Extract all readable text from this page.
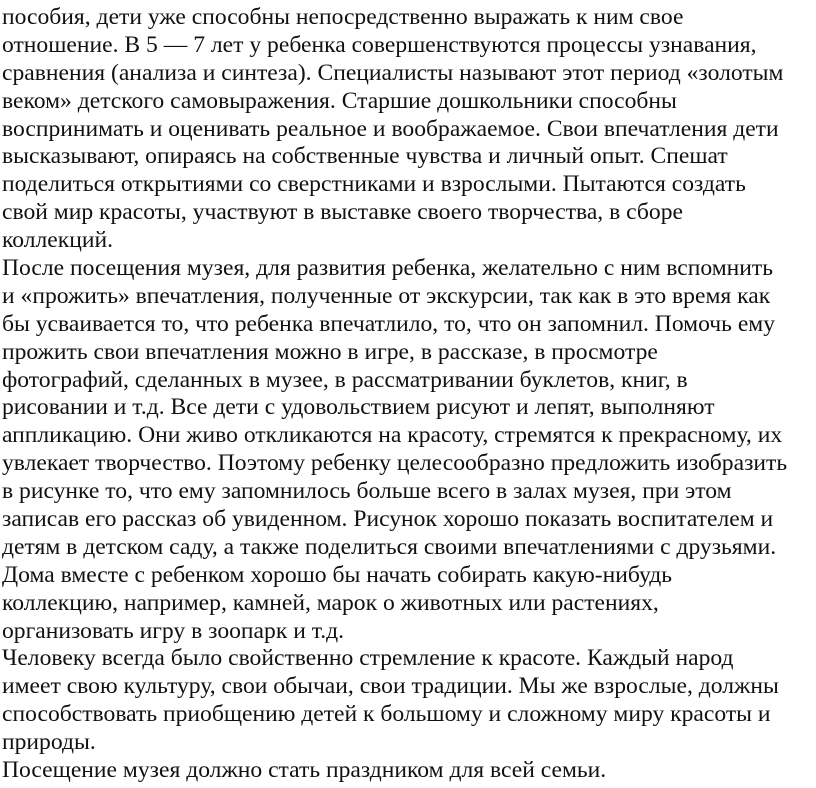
пособия, дети уже способны непосредственно выражать к ним свое
отношение. В 5 — 7 лет у ребенка совершенствуются процессы узнавания,
сравнения (анализа и синтеза). Специалисты называют этот период «золотым
веком» детского самовыражения. Старшие дошкольники способны
воспринимать и оценивать реальное и воображаемое. Свои впечатления дети
высказывают, опираясь на собственные чувства и личный опыт. Спешат
поделиться открытиями со сверстниками и взрослыми. Пытаются создать
свой мир красоты, участвуют в выставке своего творчества, в сборе
коллекций.
После посещения музея, для развития ребенка, желательно с ним вспомнить
и «прожить» впечатления, полученные от экскурсии, так как в это время как
бы усваивается то, что ребенка впечатлило, то, что он запомнил. Помочь ему
прожить свои впечатления можно в игре, в рассказе, в просмотре
фотографий, сделанных в музее, в рассматривании буклетов, книг, в
рисовании и т.д. Все дети с удовольствием рисуют и лепят, выполняют
аппликацию. Они живо откликаются на красоту, стремятся к прекрасному, их
увлекает творчество. Поэтому ребенку целесообразно предложить изобразить
в рисунке то, что ему запомнилось больше всего в залах музея, при этом
записав его рассказ об увиденном. Рисунок хорошо показать воспитателем и
детям в детском саду, а также поделиться своими впечатлениями с друзьями.
Дома вместе с ребенком хорошо бы начать собирать какую-нибудь
коллекцию, например, камней, марок о животных или растениях,
организовать игру в зоопарк и т.д.
Человеку всегда было свойственно стремление к красоте. Каждый народ
имеет свою культуру, свои обычаи, свои традиции. Мы же взрослые, должны
способствовать приобщению детей к большому и сложному миру красоты и
природы.
Посещение музея должно стать праздником для всей семьи.
